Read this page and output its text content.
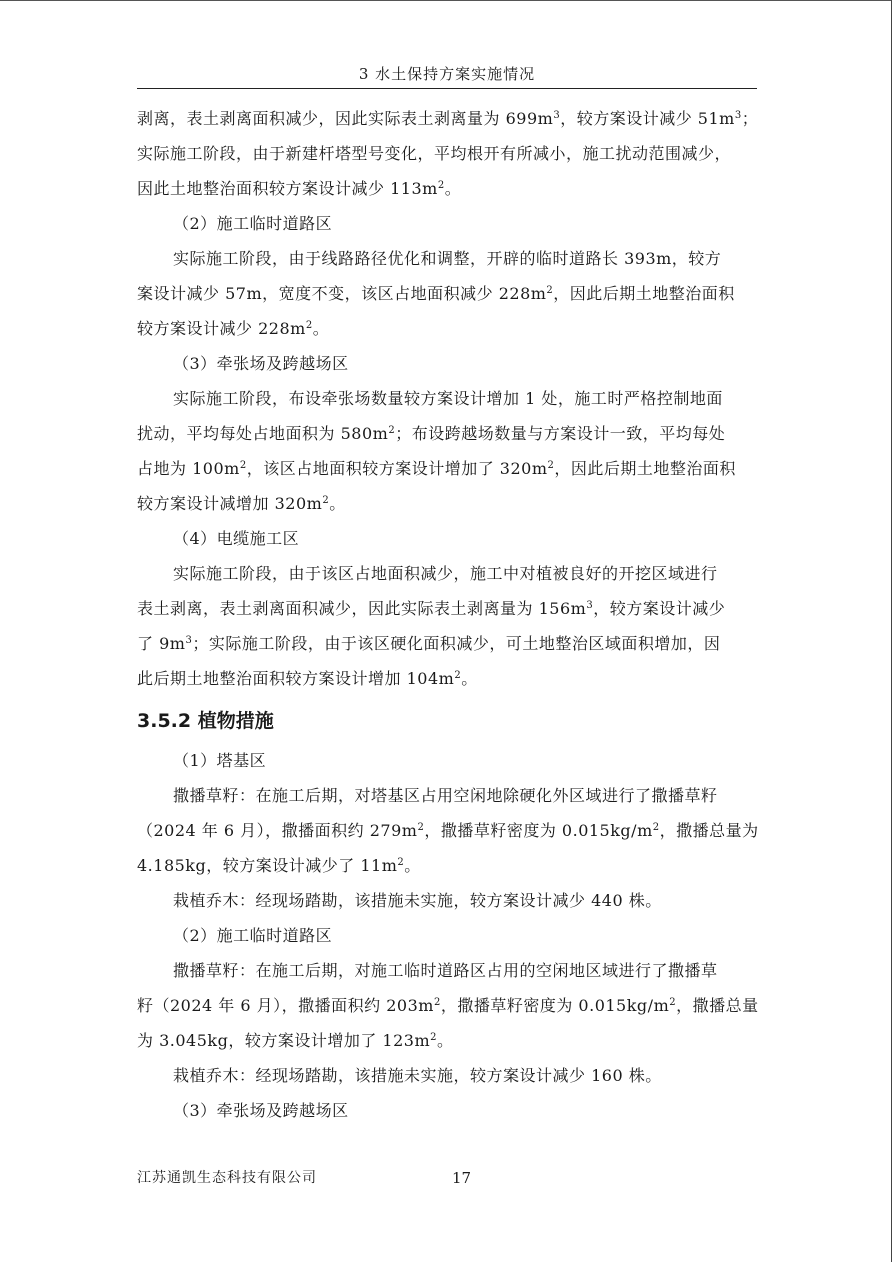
3 水土保持方案实施情况

剥离，表土剥离面积减少，因此实际表土剥离量为 $699m^3$，较方案设计减少 $51m^3$；

实际施工阶段，由于新建杆塔型号变化，平均根开有所减小，施工扰动范围减少，

因此土地整治面积较方案设计减少 $113m^2$。

（2）施工临时道路区

实际施工阶段，由于线路路径优化和调整，开辟的临时道路长 393m，较方

案设计减少 57m，宽度不变，该区占地面积减少 $228m^2$，因此后期土地整治面积

较方案设计减少 $228m^2$。

（3）牵张场及跨越场区

实际施工阶段，布设牵张场数量较方案设计增加 1 处，施工时严格控制地面

扰动，平均每处占地面积为 $580m^2$；布设跨越场数量与方案设计一致，平均每处

占地为 $100m^2$，该区占地面积较方案设计增加了 $320m^2$，因此后期土地整治面积

较方案设计减增加 $320m^2$。

（4）电缆施工区

实际施工阶段，由于该区占地面积减少，施工中对植被良好的开挖区域进行

表土剥离，表土剥离面积减少，因此实际表土剥离量为 $156m^3$，较方案设计减少

了 $9m^3$；实际施工阶段，由于该区硬化面积减少，可土地整治区域面积增加，因

此后期土地整治面积较方案设计增加 $104m^2$。

3.5.2 植物措施

（1）塔基区

撒播草籽：在施工后期，对塔基区占用空闲地除硬化外区域进行了撒播草籽

（2024 年 6 月），撒播面积约 $279m^2$，撒播草籽密度为 $0.015kg/m^2$，撒播总量为

4.185kg，较方案设计减少了 $11m^2$。

栽植乔木：经现场踏勘，该措施未实施，较方案设计减少 440 株。

（2）施工临时道路区

撒播草籽：在施工后期，对施工临时道路区占用的空闲地区域进行了撒播草

籽（2024 年 6 月），撒播面积约 $203m^2$，撒播草籽密度为 $0.015kg/m^2$，撒播总量

为 3.045kg，较方案设计增加了 $123m^2$。

栽植乔木：经现场踏勘，该措施未实施，较方案设计减少 160 株。

（3）牵张场及跨越场区

江苏通凯生态科技有限公司	17
